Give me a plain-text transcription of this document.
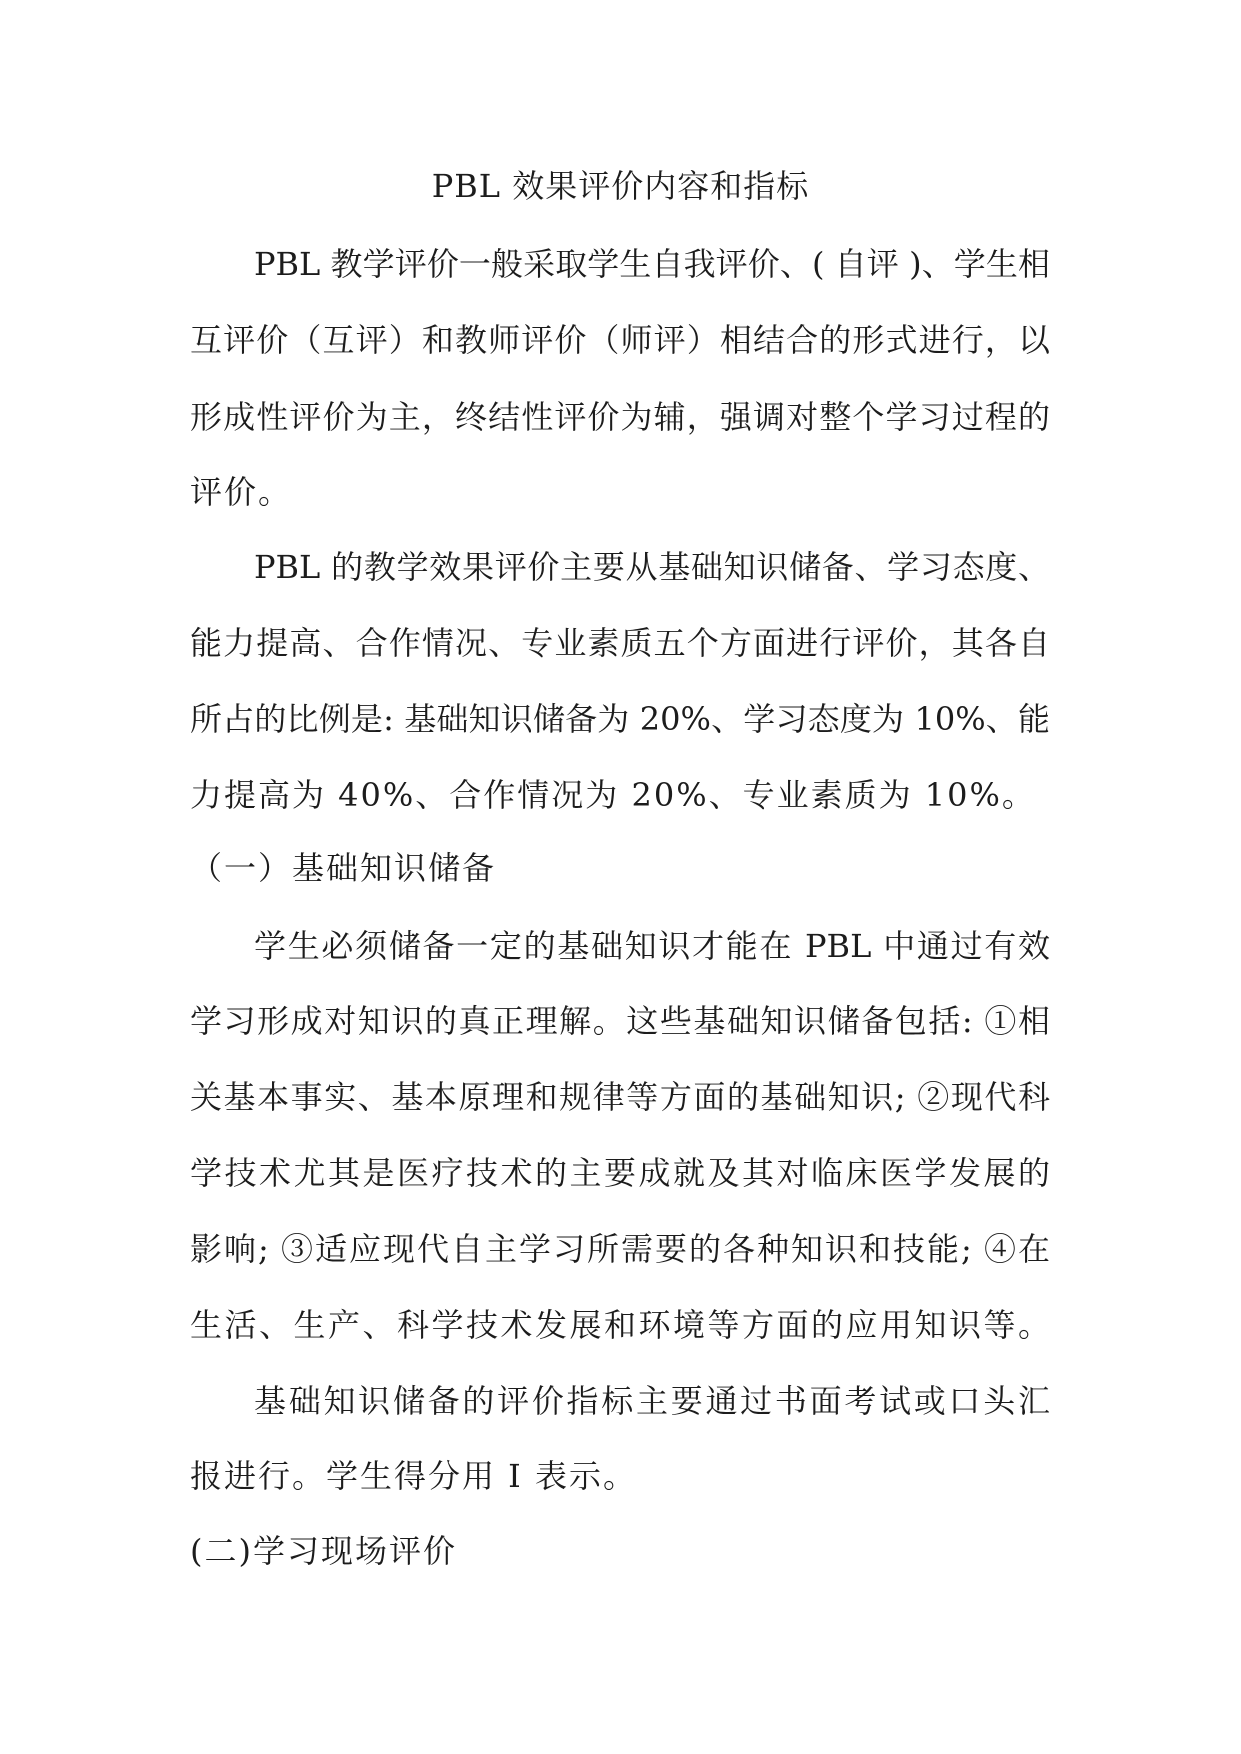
PBL 效果评价内容和指标
PBL 教学评价一般采取学生自我评价、( 自评 )、学生相
互评价（互评）和教师评价（师评）相结合的形式进行，以
形成性评价为主，终结性评价为辅，强调对整个学习过程的
评价。
PBL 的教学效果评价主要从基础知识储备、学习态度、
能力提高、合作情况、专业素质五个方面进行评价，其各自
所占的比例是: 基础知识储备为 20%、学习态度为 10%、能
力提高为 40%、合作情况为 20%、专业素质为 10%。
（一）基础知识储备
学生必须储备一定的基础知识才能在 PBL 中通过有效
学习形成对知识的真正理解。这些基础知识储备包括: ①相
关基本事实、基本原理和规律等方面的基础知识; ②现代科
学技术尤其是医疗技术的主要成就及其对临床医学发展的
影响; ③适应现代自主学习所需要的各种知识和技能; ④在
生活、生产、科学技术发展和环境等方面的应用知识等。
基础知识储备的评价指标主要通过书面考试或口头汇
报进行。学生得分用 I 表示。
(二)学习现场评价
